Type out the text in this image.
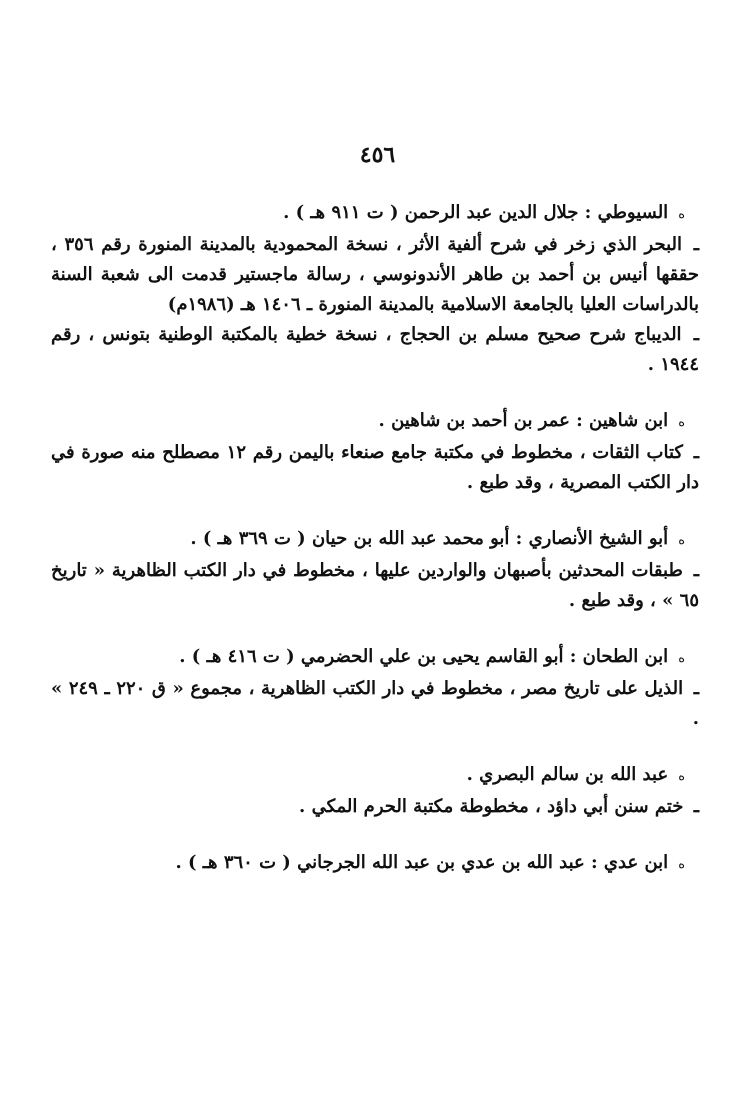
٤٥٦
ه
السيوطي : جلال الدين عبد الرحمن ( ت ٩١١ هـ ) .

ـ البحر الذي زخر في شرح ألفية الأثر ، نسخة المحمودية بالمدينة المنورة رقم ٣٥٦ ، حققها أنيس بن أحمد بن طاهر الأندونوسي ، رسالة ماجستير قدمت الى شعبة السنة بالدراسات العليا بالجامعة الاسلامية بالمدينة المنورة ـ ١٤٠٦ هـ (١٩٨٦م)

ـ الديباج شرح صحيح مسلم بن الحجاج ، نسخة خطية بالمكتبة الوطنية بتونس ، رقم ١٩٤٤ .

ه
ابن شاهين : عمر بن أحمد بن شاهين .

ـ كتاب الثقات ، مخطوط في مكتبة جامع صنعاء باليمن رقم ١٢ مصطلح منه صورة في دار الكتب المصرية ، وقد طبع .

ه
أبو الشيخ الأنصاري : أبو محمد عبد الله بن حيان ( ت ٣٦٩ هـ ) .

ـ طبقات المحدثين بأصبهان والواردين عليها ، مخطوط في دار الكتب الظاهرية « تاريخ ٦٥ » ، وقد طبع .

ه
ابن الطحان : أبو القاسم يحيى بن علي الحضرمي ( ت ٤١٦ هـ ) .

ـ الذيل على تاريخ مصر ، مخطوط في دار الكتب الظاهرية ، مجموع « ق ٢٢٠ ـ ٢٤٩ » .

ه
عبد الله بن سالم البصري .

ـ ختم سنن أبي داؤد ، مخطوطة مكتبة الحرم المكي .

ه
ابن عدي : عبد الله بن عدي بن عبد الله الجرجاني ( ت ٣٦٠ هـ ) .
